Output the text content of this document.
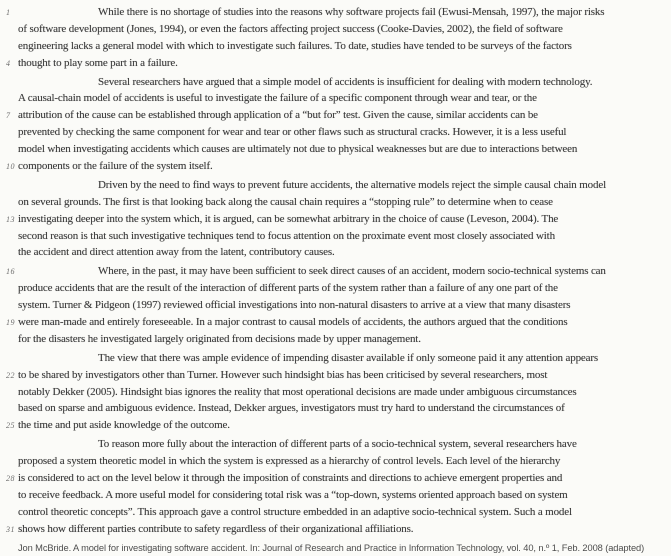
1	While there is no shortage of studies into the reasons why software projects fail (Ewusi-Mensah, 1997), the major risks
of software development (Jones, 1994), or even the factors affecting project success (Cooke-Davies, 2002), the field of software
engineering lacks a general model with which to investigate such failures. To date, studies have tended to be surveys of the factors
4 thought to play some part in a failure.
Several researchers have argued that a simple model of accidents is insufficient for dealing with modern technology.
A causal-chain model of accidents is useful to investigate the failure of a specific component through wear and tear, or the
7 attribution of the cause can be established through application of a “but for” test. Given the cause, similar accidents can be
prevented by checking the same component for wear and tear or other flaws such as structural cracks. However, it is a less useful
model when investigating accidents which causes are ultimately not due to physical weaknesses but are due to interactions between
10 components or the failure of the system itself.
Driven by the need to find ways to prevent future accidents, the alternative models reject the simple causal chain model
on several grounds. The first is that looking back along the causal chain requires a “stopping rule” to determine when to cease
13 investigating deeper into the system which, it is argued, can be somewhat arbitrary in the choice of cause (Leveson, 2004). The
second reason is that such investigative techniques tend to focus attention on the proximate event most closely associated with
the accident and direct attention away from the latent, contributory causes.
16	Where, in the past, it may have been sufficient to seek direct causes of an accident, modern socio-technical systems can
produce accidents that are the result of the interaction of different parts of the system rather than a failure of any one part of the
system. Turner & Pidgeon (1997) reviewed official investigations into non-natural disasters to arrive at a view that many disasters
19 were man-made and entirely foreseeable. In a major contrast to causal models of accidents, the authors argued that the conditions
for the disasters he investigated largely originated from decisions made by upper management.
The view that there was ample evidence of impending disaster available if only someone paid it any attention appears
22 to be shared by investigators other than Turner. However such hindsight bias has been criticised by several researchers, most
notably Dekker (2005). Hindsight bias ignores the reality that most operational decisions are made under ambiguous circumstances
based on sparse and ambiguous evidence. Instead, Dekker argues, investigators must try hard to understand the circumstances of
25 the time and put aside knowledge of the outcome.
To reason more fully about the interaction of different parts of a socio-technical system, several researchers have
proposed a system theoretic model in which the system is expressed as a hierarchy of control levels. Each level of the hierarchy
28 is considered to act on the level below it through the imposition of constraints and directions to achieve emergent properties and
to receive feedback. A more useful model for considering total risk was a “top-down, systems oriented approach based on system
control theoretic concepts”. This approach gave a control structure embedded in an adaptive socio-technical system. Such a model
31 shows how different parties contribute to safety regardless of their organizational affiliations.
Jon McBride. A model for investigating software accident. In: Journal of Research and Practice in Information Technology, vol. 40, n.º 1, Feb. 2008 (adapted)
